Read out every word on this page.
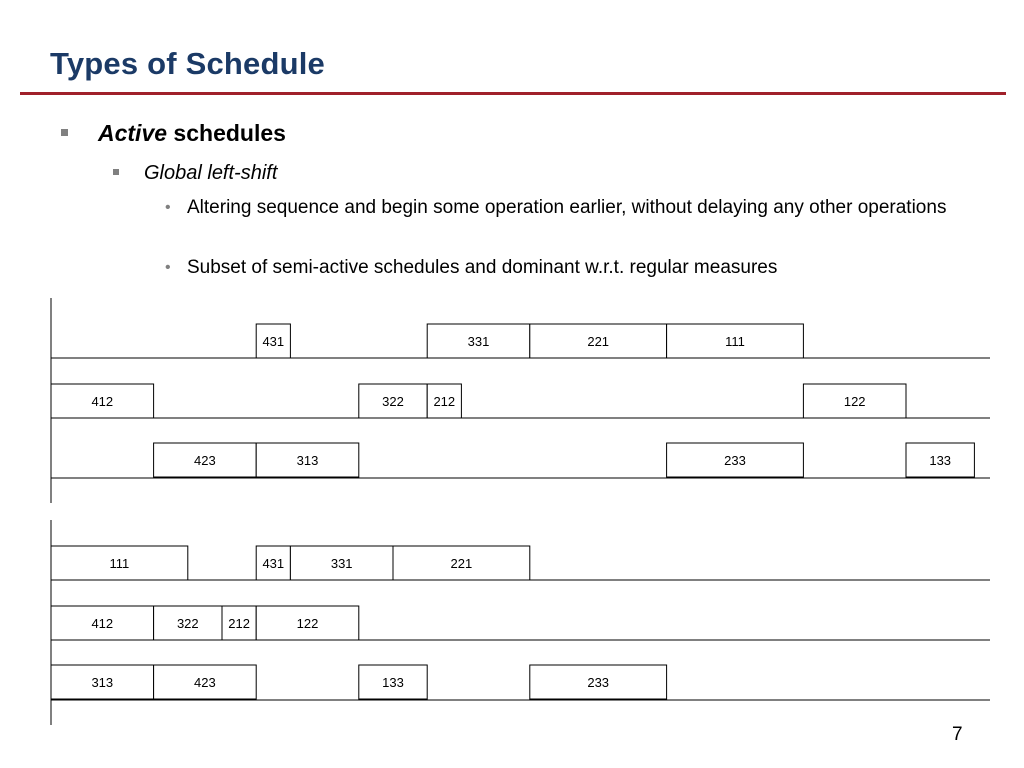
Types of Schedule
Active schedules
Global left-shift
• Altering sequence and begin some operation earlier, without delaying any other operations
• Subset of semi-active schedules and dominant w.r.t. regular measures
431	331	221	111
412	322 212	122
423	313	233	133
111	431	331	221
412	322 212	122
313	423	133	233
7
